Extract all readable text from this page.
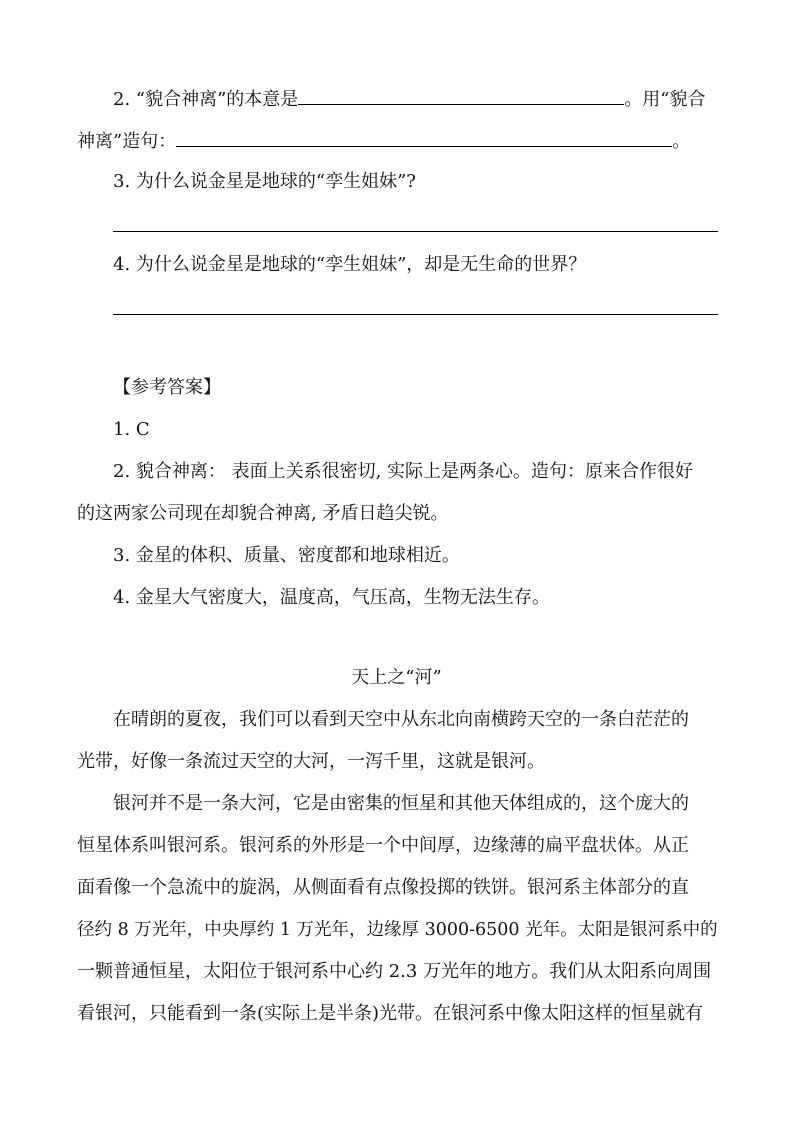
2. “貌合神离”的本意是	。用“貌合
神离”造句：	。
3. 为什么说金星是地球的“孪生姐妹”?
4. 为什么说金星是地球的“孪生姐妹”，却是无生命的世界？
【参考答案】
1. C
2. 貌合神离： 表面上关系很密切, 实际上是两条心。造句：原来合作很好
的这两家公司现在却貌合神离, 矛盾日趋尖锐。
3. 金星的体积、质量、密度都和地球相近。
4. 金星大气密度大，温度高，气压高，生物无法生存。
天上之“河”
在晴朗的夏夜，我们可以看到天空中从东北向南横跨天空的一条白茫茫的
光带，好像一条流过天空的大河，一泻千里，这就是银河。
银河并不是一条大河，它是由密集的恒星和其他天体组成的，这个庞大的
恒星体系叫银河系。银河系的外形是一个中间厚，边缘薄的扁平盘状体。从正
面看像一个急流中的旋涡，从侧面看有点像投掷的铁饼。银河系主体部分的直
径约 8 万光年，中央厚约 1 万光年，边缘厚 3000-6500 光年。太阳是银河系中的
一颗普通恒星，太阳位于银河系中心约 2.3 万光年的地方。我们从太阳系向周围
看银河，只能看到一条(实际上是半条)光带。在银河系中像太阳这样的恒星就有
